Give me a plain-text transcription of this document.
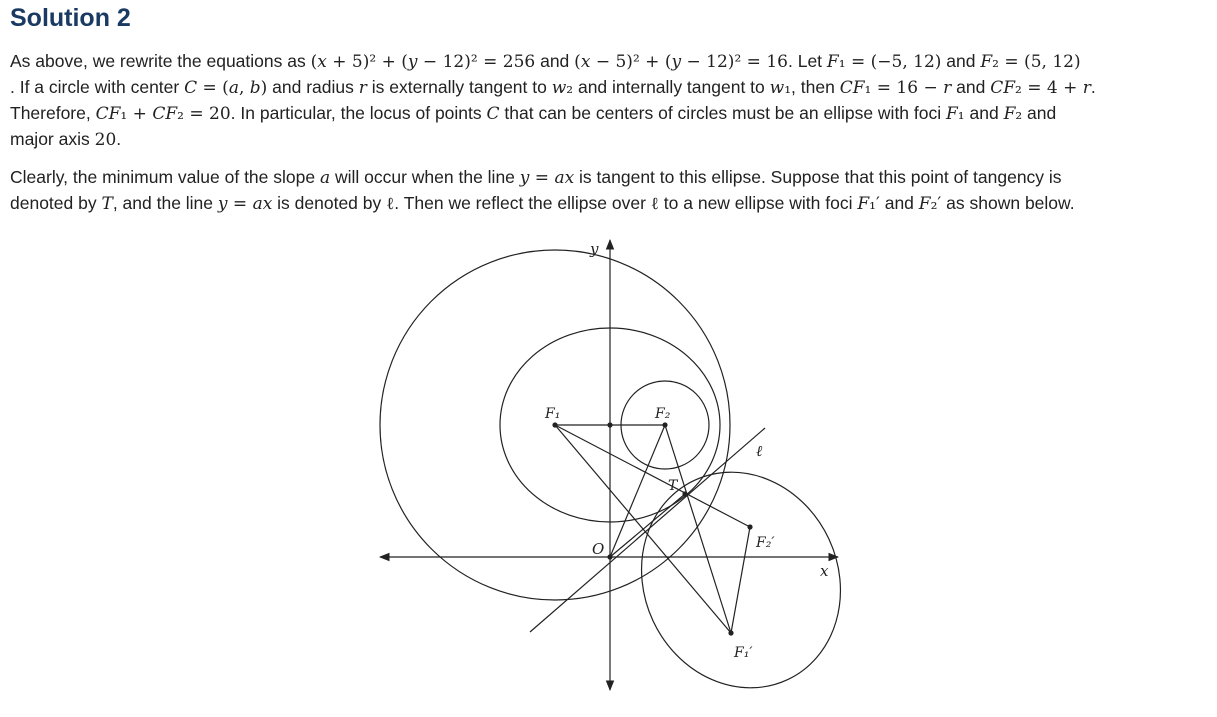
Solution 2
As above, we rewrite the equations as (x + 5)² + (y − 12)² = 256 and (x − 5)² + (y − 12)² = 16. Let F₁ = (−5, 12) and F₂ = (5, 12)
. If a circle with center C = (a, b) and radius r is externally tangent to w₂ and internally tangent to w₁, then CF₁ = 16 − r and CF₂ = 4 + r.
Therefore, CF₁ + CF₂ = 20. In particular, the locus of points C that can be centers of circles must be an ellipse with foci F₁ and F₂ and
major axis 20.
Clearly, the minimum value of the slope a will occur when the line y = ax is tangent to this ellipse. Suppose that this point of tangency is
denoted by T, and the line y = ax is denoted by ℓ. Then we reflect the ellipse over ℓ to a new ellipse with foci F₁′ and F₂′ as shown below.
y
x
O
F₁	F₂
T
ℓ
F₁′
F₂′
